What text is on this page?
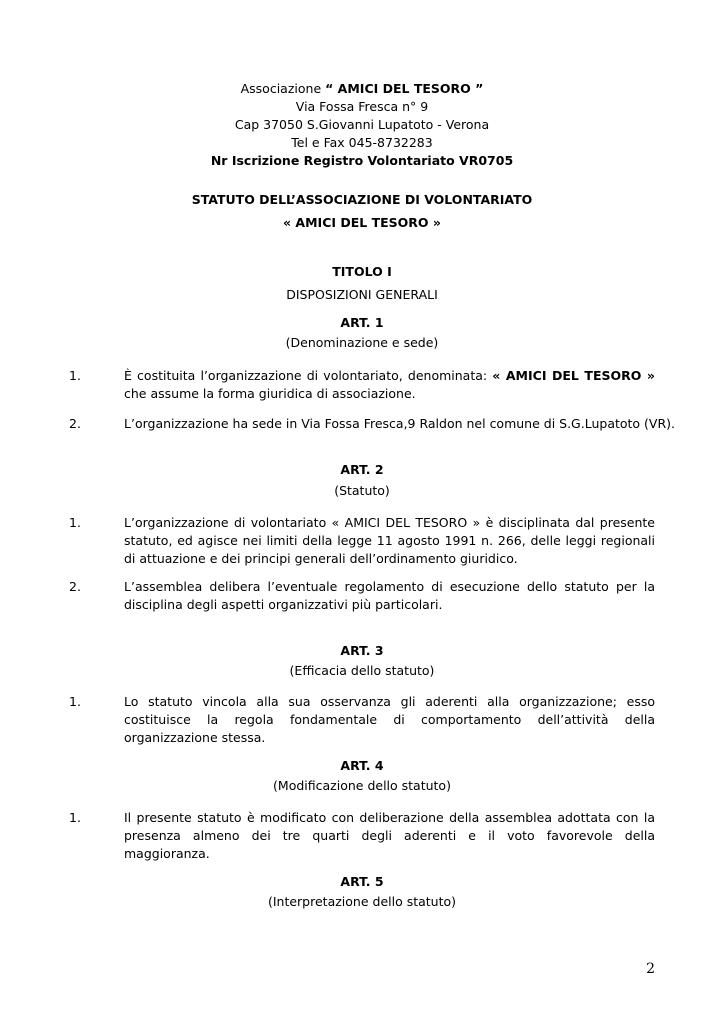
Associazione “ AMICI DEL TESORO ”
Via Fossa Fresca n° 9
Cap 37050 S.Giovanni Lupatoto - Verona
Tel e Fax 045-8732283
Nr Iscrizione Registro Volontariato VR0705
STATUTO DELL’ASSOCIAZIONE DI VOLONTARIATO
« AMICI DEL TESORO »
TITOLO I
DISPOSIZIONI GENERALI
ART. 1
(Denominazione e sede)
1.	È costituita l’organizzazione di volontariato, denominata: « AMICI DEL TESORO » che assume la forma giuridica di associazione.
2.	L’organizzazione ha sede in Via Fossa Fresca,9 Raldon nel comune di S.G.Lupatoto (VR).
ART. 2
(Statuto)
1.	L’organizzazione di volontariato « AMICI DEL TESORO » è disciplinata dal presente statuto, ed agisce nei limiti della legge 11 agosto 1991 n. 266, delle leggi regionali di attuazione e dei principi generali dell’ordinamento giuridico.
2.	L’assemblea delibera l’eventuale regolamento di esecuzione dello statuto per la disciplina degli aspetti organizzativi più particolari.
ART. 3
(Efficacia dello statuto)
1.	Lo statuto vincola alla sua osservanza gli aderenti alla organizzazione; esso costituisce la regola fondamentale di comportamento dell’attività della organizzazione stessa.
ART. 4
(Modificazione dello statuto)
1.	Il presente statuto è modificato con deliberazione della assemblea adottata con la presenza almeno dei tre quarti degli aderenti e il voto favorevole della maggioranza.
ART. 5
(Interpretazione dello statuto)
2
